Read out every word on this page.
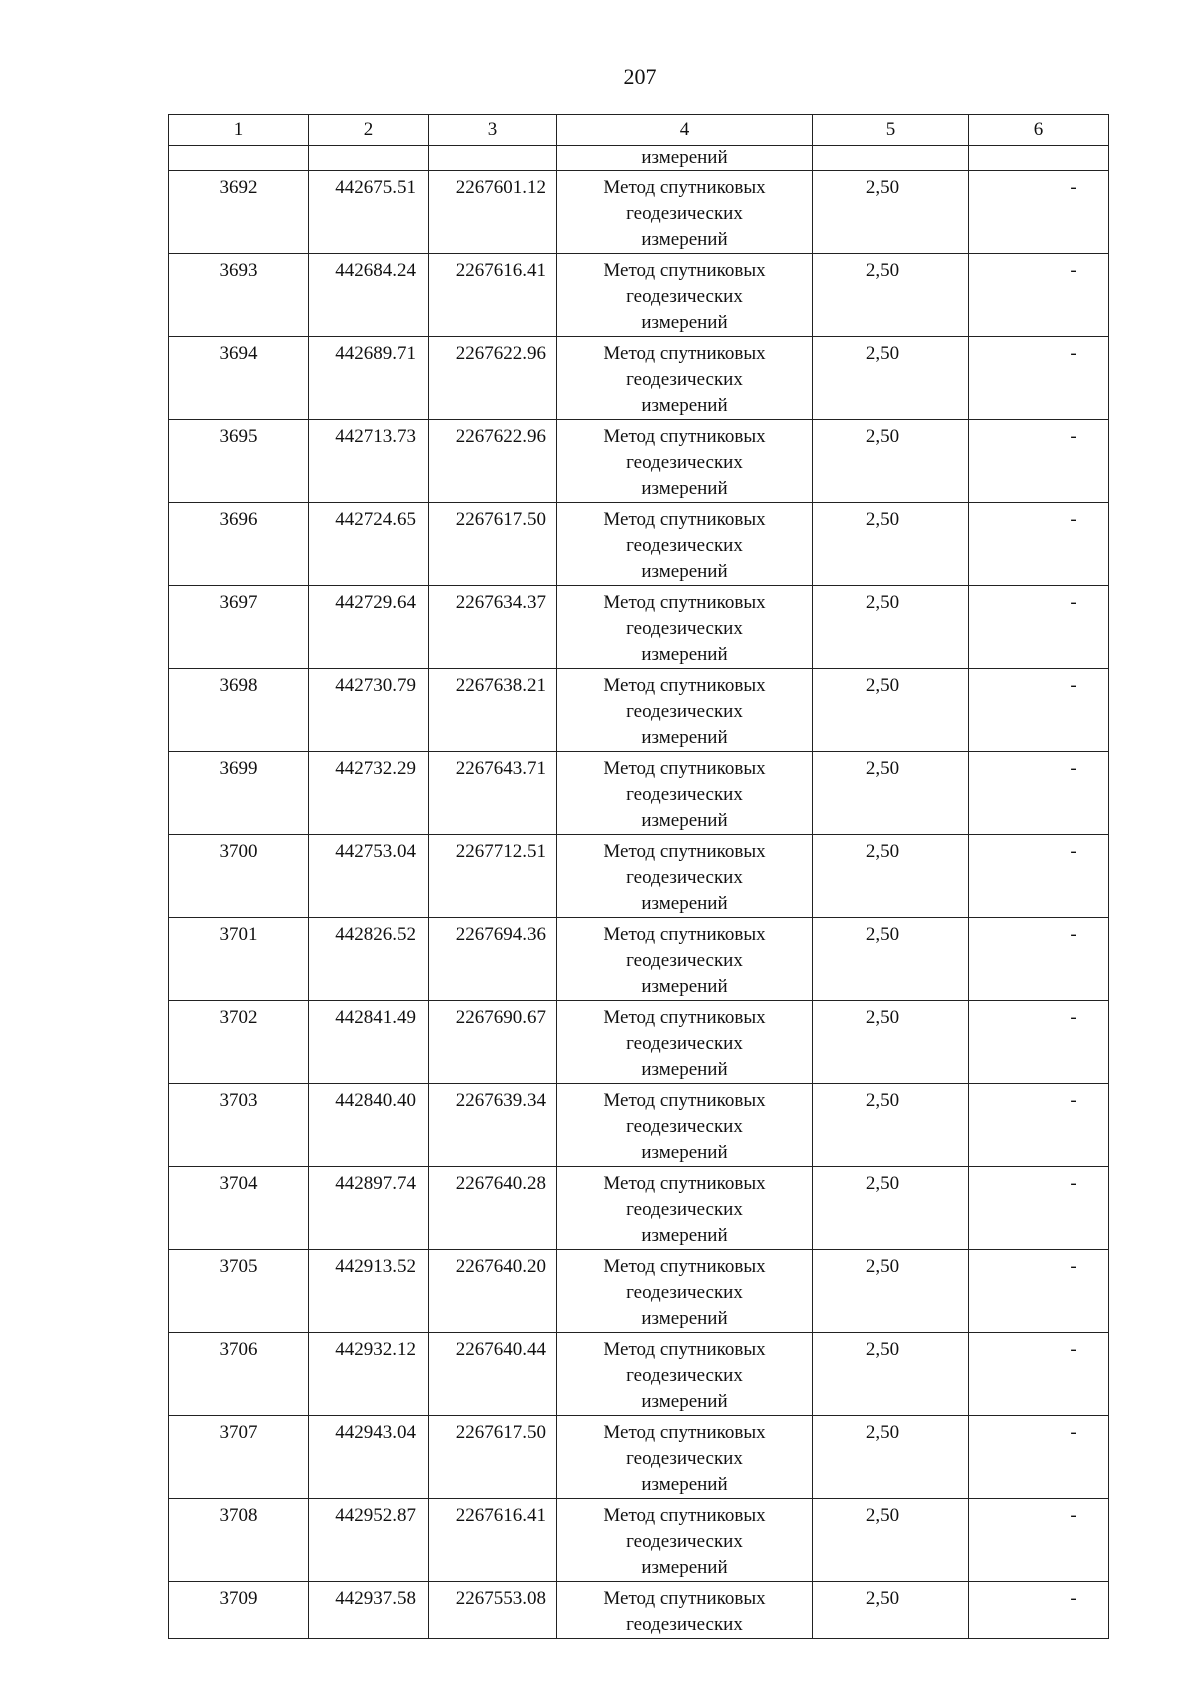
207
1	2	3	4	5	6

			измерений		

3692	442675.51	2267601.12	Метод спутниковых
геодезических
измерений	2,50	-

3693	442684.24	2267616.41	Метод спутниковых
геодезических
измерений	2,50	-

3694	442689.71	2267622.96	Метод спутниковых
геодезических
измерений	2,50	-

3695	442713.73	2267622.96	Метод спутниковых
геодезических
измерений	2,50	-

3696	442724.65	2267617.50	Метод спутниковых
геодезических
измерений	2,50	-

3697	442729.64	2267634.37	Метод спутниковых
геодезических
измерений	2,50	-

3698	442730.79	2267638.21	Метод спутниковых
геодезических
измерений	2,50	-

3699	442732.29	2267643.71	Метод спутниковых
геодезических
измерений	2,50	-

3700	442753.04	2267712.51	Метод спутниковых
геодезических
измерений	2,50	-

3701	442826.52	2267694.36	Метод спутниковых
геодезических
измерений	2,50	-

3702	442841.49	2267690.67	Метод спутниковых
геодезических
измерений	2,50	-

3703	442840.40	2267639.34	Метод спутниковых
геодезических
измерений	2,50	-

3704	442897.74	2267640.28	Метод спутниковых
геодезических
измерений	2,50	-

3705	442913.52	2267640.20	Метод спутниковых
геодезических
измерений	2,50	-

3706	442932.12	2267640.44	Метод спутниковых
геодезических
измерений	2,50	-

3707	442943.04	2267617.50	Метод спутниковых
геодезических
измерений	2,50	-

3708	442952.87	2267616.41	Метод спутниковых
геодезических
измерений	2,50	-

3709	442937.58	2267553.08	Метод спутниковых
геодезических	2,50	-
